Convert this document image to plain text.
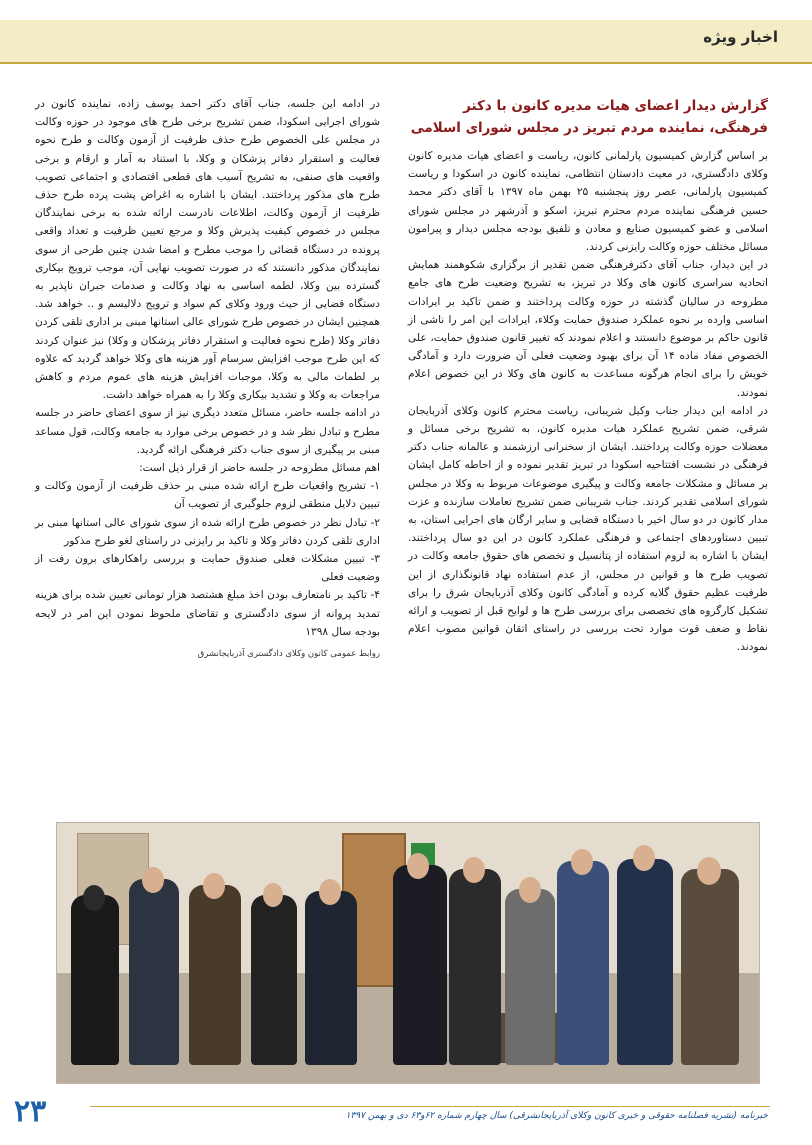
اخبار ویژه
گزارش دیدار اعضای هیات مدیره کانون با دکتر فرهنگی، نماینده مردم تبریز در مجلس شورای اسلامی

بر اساس گزارش کمیسیون پارلمانی کانون، ریاست و اعضای هیات مدیره کانون وکلای دادگستری، در معیت دادستان انتظامی، نماینده کانون در اسکودا و ریاست کمیسیون پارلمانی، عصر روز پنجشنبه ۲۵ بهمن ماه ۱۳۹۷ با آقای دکتر محمد حسین فرهنگی نماینده مردم محترم تبریز، اسکو و آذرشهر در مجلس شورای اسلامی و عضو کمیسیون صنایع و معادن و تلفیق بودجه مجلس دیدار و پیرامون مسائل مختلف حوزه وکالت رایزنی کردند.

در این دیدار، جناب آقای دکترفرهنگی ضمن تقدیر از برگزاری شکوهمند همایش اتحادیه سراسری کانون های وکلا در تبریز، به تشریح وضعیت طرح های جامع مطروحه در سالیان گذشته در حوزه وکالت پرداختند و ضمن تاکید بر ایرادات اساسی وارده بر نحوه عملکرد صندوق حمایت وکلاء، ایرادات این امر را ناشی از قانون حاکم بر موضوع دانستند و اعلام نمودند که تغییر قانون صندوق حمایت، علی الخصوص مفاد ماده ۱۴ آن برای بهبود وضعیت فعلی آن ضرورت دارد و آمادگی خویش را برای انجام هرگونه مساعدت به کانون های وکلا در این خصوص اعلام نمودند.

در ادامه این دیدار جناب وکیل شریبانی، ریاست محترم کانون وکلای آذربایجان شرقی، ضمن تشریح عملکرد هیات مدیره کانون، به تشریح برخی مسائل و معضلات حوزه وکالت پرداختند. ایشان از سخنرانی ارزشمند و عالمانه جناب دکتر فرهنگی در نشست افتتاحیه اسکودا در تبریز تقدیر نموده و از احاطه کامل ایشان بر مسائل و مشکلات جامعه وکالت و پیگیری موضوعات مربوط به وکلا در مجلس شورای اسلامی تقدیر کردند. جناب شریبانی ضمن تشریح تعاملات سازنده و عزت مدار کانون در دو سال اخیر با دستگاه قضایی و سایر ارگان های اجرایی استان، به تبیین دستاوردهای اجتماعی و فرهنگی عملکرد کانون در این دو سال پرداختند. ایشان با اشاره به لزوم استفاده از پتانسیل و تخصص های حقوق جامعه وکالت در تصویب طرح ها و قوانین در مجلس، از عدم استفاده نهاد قانونگذاری از این ظرفیت عظیم حقوق گلایه کرده و آمادگی کانون وکلای آذربایجان شرق را برای تشکیل کارگروه های تخصصی برای بررسی طرح ها و لوایح قبل از تصویب و ارائه نقاط و ضعف قوت موارد تحت بررسی در راستای اتقان قوانین مصوب اعلام نمودند.

در ادامه این جلسه، جناب آقای دکتر احمد یوسف زاده، نماینده کانون در شورای اجرایی اسکودا، ضمن تشریح برخی طرح های موجود در حوزه وکالت در مجلس علی الخصوص طرح حذف ظرفیت از آزمون وکالت و طرح نحوه فعالیت و استقرار دفاتر پزشکان و وکلا، با استناد به آمار و ارقام و برخی واقعیت های صنفی، به تشریح آسیب های قطعی اقتصادی و اجتماعی تصویب طرح های مذکور پرداختند. ایشان با اشاره به اغراض پشت پرده طرح حذف ظرفیت از آزمون وکالت، اطلاعات نادرست ارائه شده به برخی نمایندگان مجلس در خصوص کیفیت پذیرش وکلا و مرجع تعیین ظرفیت و تعداد واقعی پرونده در دستگاه قضائی را موجب مطرح و امضا شدن چنین طرحی از سوی نمایندگان مذکور دانستند که در صورت تصویب نهایی آن، موجب ترویج بیکاری گسترده بین وکلا، لطمه اساسی به نهاد وکالت و صدمات جبران ناپذیر به دستگاه قضایی از حیث ورود وکلای کم سواد و ترویج دلالیسم و .. خواهد شد. همچنین ایشان در خصوص طرح شورای عالی استانها مبنی بر اداری تلقی کردن دفاتر وکلا (طرح نحوه فعالیت و استقرار دفاتر پزشکان و وکلا) نیز عنوان کردند که این طرح موجب افزایش سرسام آور هزینه های وکلا خواهد گردید که علاوه بر لطمات مالی به وکلا، موجبات افزایش هزینه های عموم مردم و کاهش مراجعات به وکلا و تشدید بیکاری وکلا را به همراه خواهد داشت.

در ادامه جلسه حاضر، مسائل متعدد دیگری نیز از سوی اعضای حاضر در جلسه مطرح و تبادل نظر شد و در خصوص برخی موارد به جامعه وکالت، قول مساعد مبنی بر پیگیری از سوی جناب دکتر فرهنگی ارائه گردید.

اهم مسائل مطروحه در جلسه حاضر از قرار ذیل است:

۱- تشریح واقعیات طرح ارائه شده مبنی بر حذف ظرفیت از آزمون وکالت و تبیین دلایل منطقی لزوم جلوگیری از تصویب آن

۲- تبادل نظر در خصوص طرح ارائه شده از سوی شورای عالی استانها مبنی بر اداری تلقی کردن دفاتر وکلا و تاکید بر رایزنی در راستای لغو طرح مذکور

۳- تبیین مشکلات فعلی صندوق حمایت و بررسی راهکارهای برون رفت از وضعیت فعلی

۴- تاکید بر نامتعارف بودن اخذ مبلغ هشتصد هزار تومانی تعیین شده برای هزینه تمدید پروانه از سوی دادگستری و تقاضای ملحوظ نمودن این امر در لایحه بودجه سال ۱۳۹۸

روابط عمومی کانون وکلای دادگستری آذربایجانشرق
۲۳	خبرنامه (نشریه فصلنامه حقوقی و خبری کانون وکلای آذربایجانشرقی) سال چهارم شماره ۶۲و۶۳ دی و بهمن ۱۳۹۷
